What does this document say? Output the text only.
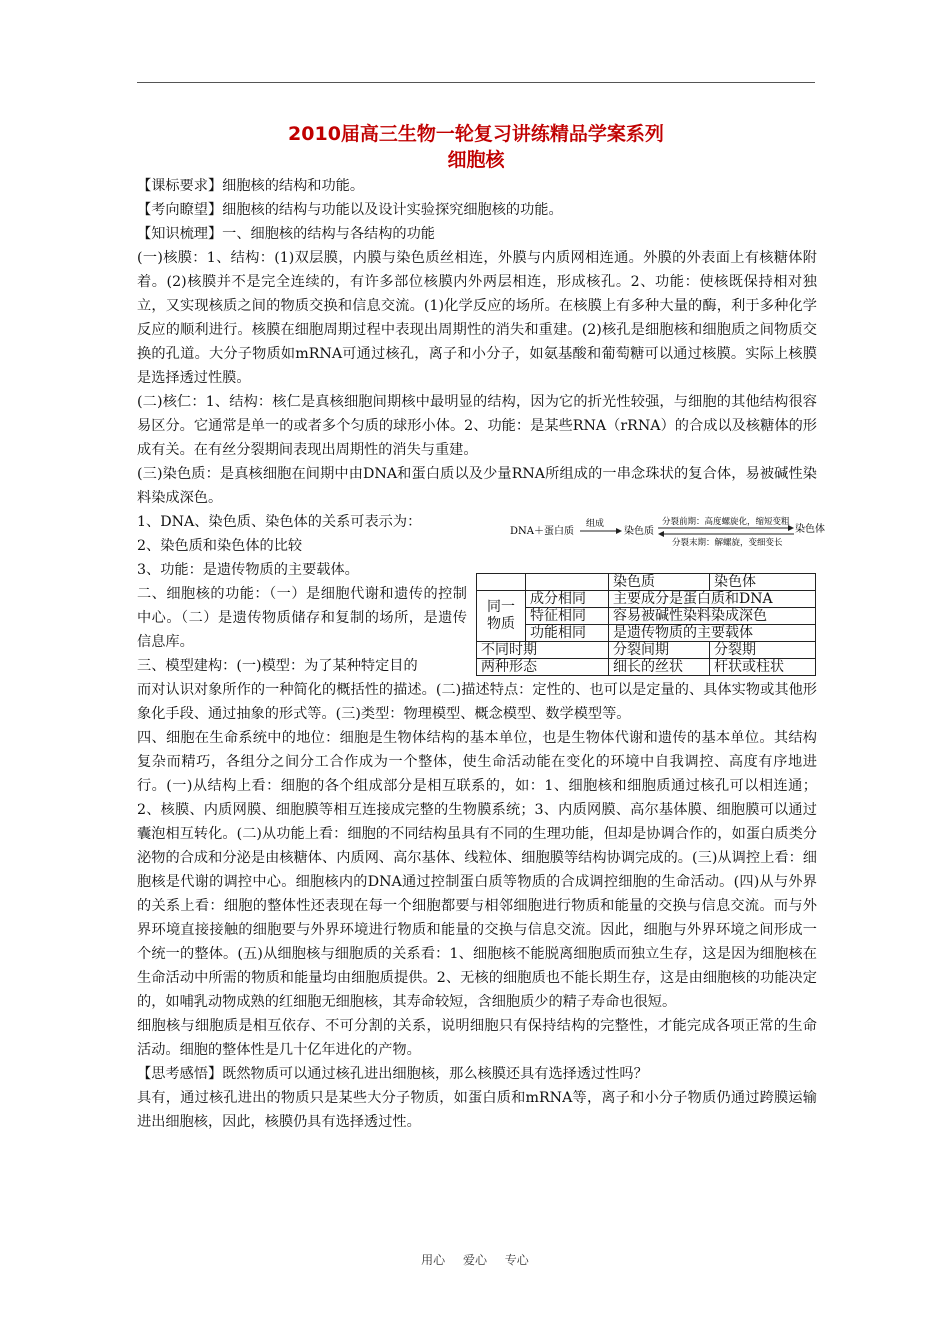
2010届高三生物一轮复习讲练精品学案系列
细胞核

【课标要求】细胞核的结构和功能。

【考向瞭望】细胞核的结构与功能以及设计实验探究细胞核的功能。

【知识梳理】一、细胞核的结构与各结构的功能

(一)核膜：1、结构：(1)双层膜，内膜与染色质丝相连，外膜与内质网相连通。外膜的外表面上有核糖体附着。(2)核膜并不是完全连续的，有许多部位核膜内外两层相连，形成核孔。2、功能：使核既保持相对独立，又实现核质之间的物质交换和信息交流。(1)化学反应的场所。在核膜上有多种大量的酶，利于多种化学反应的顺利进行。核膜在细胞周期过程中表现出周期性的消失和重建。(2)核孔是细胞核和细胞质之间物质交换的孔道。大分子物质如mRNA可通过核孔，离子和小分子，如氨基酸和葡萄糖可以通过核膜。实际上核膜是选择透过性膜。

(二)核仁：1、结构：核仁是真核细胞间期核中最明显的结构，因为它的折光性较强，与细胞的其他结构很容易区分。它通常是单一的或者多个匀质的球形小体。2、功能：是某些RNA（rRNA）的合成以及核糖体的形成有关。在有丝分裂期间表现出周期性的消失与重建。

(三)染色质：是真核细胞在间期中由DNA和蛋白质以及少量RNA所组成的一串念珠状的复合体，易被碱性染料染成深色。

1、DNA、染色质、染色体的关系可表示为：

2、染色质和染色体的比较

3、功能：是遗传物质的主要载体。

二、细胞核的功能：（一）是细胞代谢和遗传的控制中心。（二）是遗传物质储存和复制的场所，是遗传信息库。

三、模型建构：(一)模型：为了某种特定目的

而对认识对象所作的一种简化的概括性的描述。(二)描述特点：定性的、也可以是定量的、具体实物或其他形象化手段、通过抽象的形式等。(三)类型：物理模型、概念模型、数学模型等。

四、细胞在生命系统中的地位：细胞是生物体结构的基本单位，也是生物体代谢和遗传的基本单位。其结构复杂而精巧，各组分之间分工合作成为一个整体，使生命活动能在变化的环境中自我调控、高度有序地进行。(一)从结构上看：细胞的各个组成部分是相互联系的，如：1、细胞核和细胞质通过核孔可以相连通；2、核膜、内质网膜、细胞膜等相互连接成完整的生物膜系统；3、内质网膜、高尔基体膜、细胞膜可以通过囊泡相互转化。(二)从功能上看：细胞的不同结构虽具有不同的生理功能，但却是协调合作的，如蛋白质类分泌物的合成和分泌是由核糖体、内质网、高尔基体、线粒体、细胞膜等结构协调完成的。(三)从调控上看：细胞核是代谢的调控中心。细胞核内的DNA通过控制蛋白质等物质的合成调控细胞的生命活动。(四)从与外界的关系上看：细胞的整体性还表现在每一个细胞都要与相邻细胞进行物质和能量的交换与信息交流。而与外界环境直接接触的细胞要与外界环境进行物质和能量的交换与信息交流。因此，细胞与外界环境之间形成一个统一的整体。(五)从细胞核与细胞质的关系看：1、细胞核不能脱离细胞质而独立生存，这是因为细胞核在生命活动中所需的物质和能量均由细胞质提供。2、无核的细胞质也不能长期生存，这是由细胞核的功能决定的，如哺乳动物成熟的红细胞无细胞核，其寿命较短，含细胞质少的精子寿命也很短。

细胞核与细胞质是相互依存、不可分割的关系，说明细胞只有保持结构的完整性，才能完成各项正常的生命活动。细胞的整体性是几十亿年进化的产物。

【思考感悟】既然物质可以通过核孔进出细胞核，那么核膜还具有选择透过性吗？

具有，通过核孔进出的物质只是某些大分子物质，如蛋白质和mRNA等，离子和小分子物质仍通过跨膜运输进出细胞核，因此，核膜仍具有选择透过性。

DNA＋蛋白质
组成
染色质
分裂前期：高度螺旋化，缩短变粗
分裂末期：解螺旋，变细变长
染色体
		染色质	染色体
同一物质	成分相同	主要成分是蛋白质和DNA	
	特征相同	容易被碱性染料染成深色	
	功能相同	是遗传物质的主要载体	
不同时期		分裂间期	分裂期
两种形态		细长的丝状	杆状或柱状
用心 爱心 专心
